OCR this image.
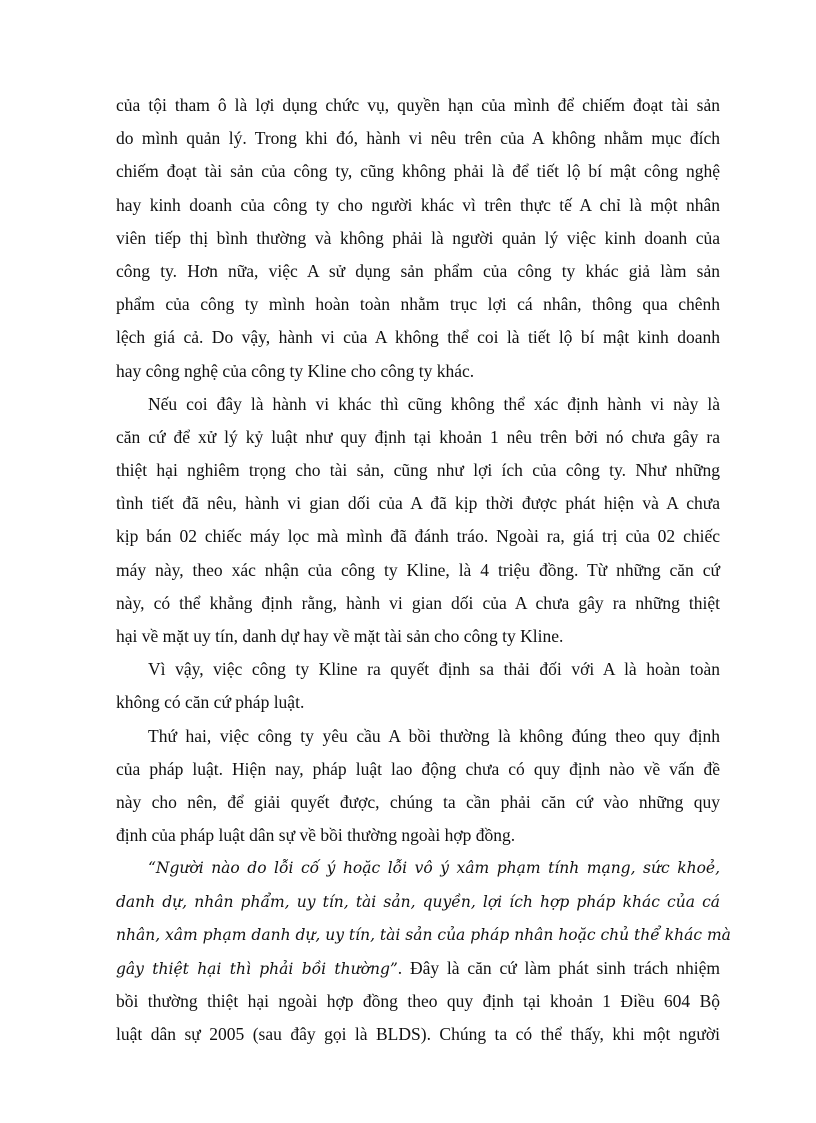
của tội tham ô là lợi dụng chức vụ, quyền hạn của mình để chiếm đoạt tài sản
do mình quản lý. Trong khi đó, hành vi nêu trên của A không nhằm mục đích
chiếm đoạt tài sản của công ty, cũng không phải là để tiết lộ bí mật công nghệ
hay kinh doanh của công ty cho người khác vì trên thực tế A chỉ là một nhân
viên tiếp thị bình thường và không phải là người quản lý việc kinh doanh của
công ty. Hơn nữa, việc A sử dụng sản phẩm của công ty khác giả làm sản
phẩm của công ty mình hoàn toàn nhằm trục lợi cá nhân, thông qua chênh
lệch giá cả. Do vậy, hành vi của A không thể coi là tiết lộ bí mật kinh doanh
hay công nghệ của công ty Kline cho công ty khác.
Nếu coi đây là hành vi khác thì cũng không thể xác định hành vi này là
căn cứ để xử lý kỷ luật như quy định tại khoản 1 nêu trên bởi nó chưa gây ra
thiệt hại nghiêm trọng cho tài sản, cũng như lợi ích của công ty. Như những
tình tiết đã nêu, hành vi gian dối của A đã kịp thời được phát hiện và A chưa
kịp bán 02 chiếc máy lọc mà mình đã đánh tráo. Ngoài ra, giá trị của 02 chiếc
máy này, theo xác nhận của công ty Kline, là 4 triệu đồng. Từ những căn cứ
này, có thể khẳng định rằng, hành vi gian dối của A chưa gây ra những thiệt
hại về mặt uy tín, danh dự hay về mặt tài sản cho công ty Kline.
Vì vậy, việc công ty Kline ra quyết định sa thải đối với A là hoàn toàn
không có căn cứ pháp luật.
Thứ hai, việc công ty yêu cầu A bồi thường là không đúng theo quy định
của pháp luật. Hiện nay, pháp luật lao động chưa có quy định nào về vấn đề
này cho nên, để giải quyết được, chúng ta cần phải căn cứ vào những quy
định của pháp luật dân sự về bồi thường ngoài hợp đồng.
“Người nào do lỗi cố ý hoặc lỗi vô ý xâm phạm tính mạng, sức khoẻ,
danh dự, nhân phẩm, uy tín, tài sản, quyền, lợi ích hợp pháp khác của cá
nhân, xâm phạm danh dự, uy tín, tài sản của pháp nhân hoặc chủ thể khác mà
gây thiệt hại thì phải bồi thường”. Đây là căn cứ làm phát sinh trách nhiệm
bồi thường thiệt hại ngoài hợp đồng theo quy định tại khoản 1 Điều 604 Bộ
luật dân sự 2005 (sau đây gọi là BLDS). Chúng ta có thể thấy, khi một người
